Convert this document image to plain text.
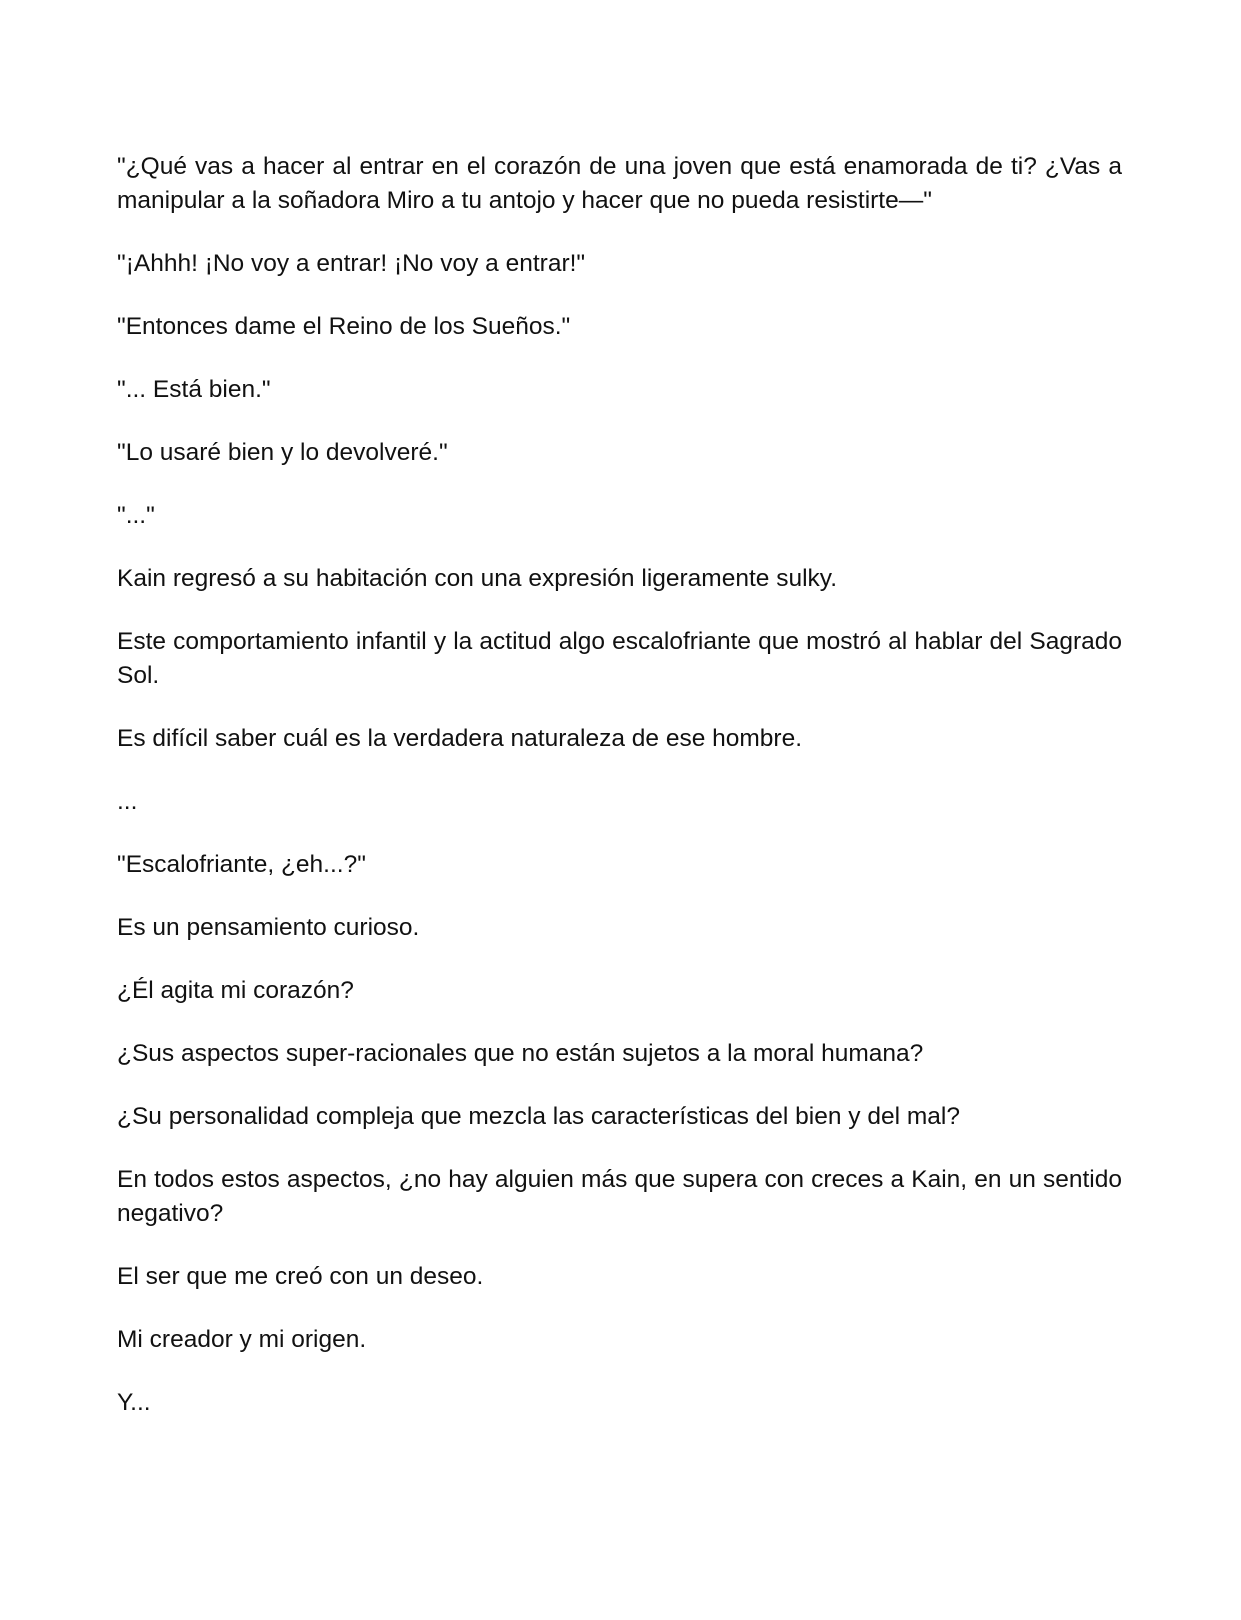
"¿Qué vas a hacer al entrar en el corazón de una joven que está enamorada de ti? ¿Vas a manipular a la soñadora Miro a tu antojo y hacer que no pueda resistirte—"

"¡Ahhh! ¡No voy a entrar! ¡No voy a entrar!"

"Entonces dame el Reino de los Sueños."

"... Está bien."

"Lo usaré bien y lo devolveré."

"..."

Kain regresó a su habitación con una expresión ligeramente sulky.

Este comportamiento infantil y la actitud algo escalofriante que mostró al hablar del Sagrado Sol.

Es difícil saber cuál es la verdadera naturaleza de ese hombre.

...

"Escalofriante, ¿eh...?"

Es un pensamiento curioso.

¿Él agita mi corazón?

¿Sus aspectos super-racionales que no están sujetos a la moral humana?

¿Su personalidad compleja que mezcla las características del bien y del mal?

En todos estos aspectos, ¿no hay alguien más que supera con creces a Kain, en un sentido negativo?

El ser que me creó con un deseo.

Mi creador y mi origen.

Y...
